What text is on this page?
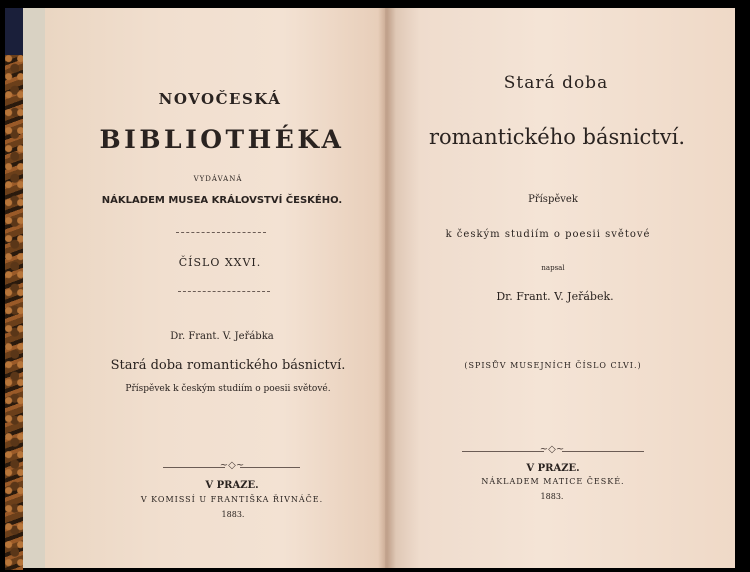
NOVOČESKÁ
BIBLIOTHÉKA
VYDÁVANÁ
NÁKLADEM MUSEA KRÁLOVSTVÍ ČESKÉHO.
ČÍSLO XXVI.
Dr. Frant. V. Jeřábka
Stará doba romantického básnictví.
Příspěvek k českým studiím o poesii světové.
~◇~
V PRAZE.
V KOMISSÍ U FRANTIŠKA ŘIVNÁČE.
1883.
Stará doba
romantického básnictví.
Příspěvek
k českým studiím o poesii světové
napsal
Dr. Frant. V. Jeřábek.
(SPISŮV MUSEJNÍCH ČÍSLO CLVI.)
~◇~
V PRAZE.
NÁKLADEM MATICE ČESKÉ.
1883.
